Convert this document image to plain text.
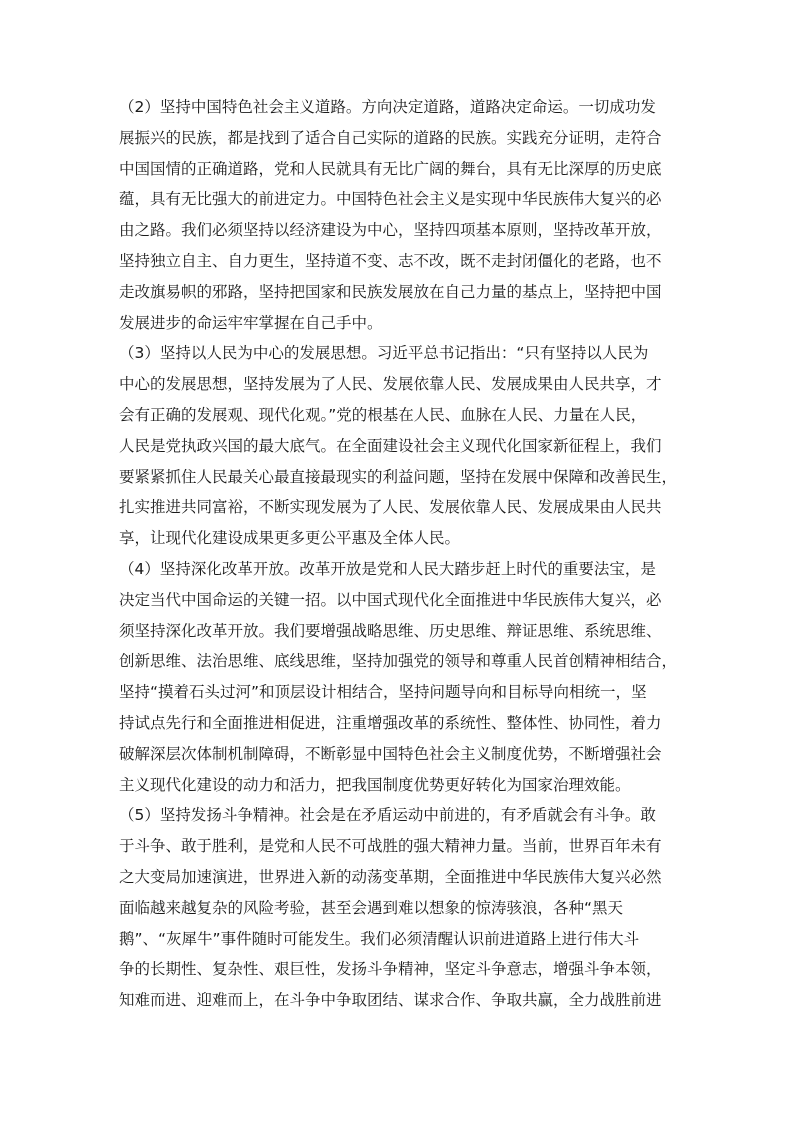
（2）坚持中国特色社会主义道路。方向决定道路，道路决定命运。一切成功发
展振兴的民族，都是找到了适合自己实际的道路的民族。实践充分证明，走符合
中国国情的正确道路，党和人民就具有无比广阔的舞台，具有无比深厚的历史底
蕴，具有无比强大的前进定力。中国特色社会主义是实现中华民族伟大复兴的必
由之路。我们必须坚持以经济建设为中心，坚持四项基本原则，坚持改革开放，
坚持独立自主、自力更生，坚持道不变、志不改，既不走封闭僵化的老路，也不
走改旗易帜的邪路，坚持把国家和民族发展放在自己力量的基点上，坚持把中国
发展进步的命运牢牢掌握在自己手中。
（3）坚持以人民为中心的发展思想。习近平总书记指出：“只有坚持以人民为
中心的发展思想，坚持发展为了人民、发展依靠人民、发展成果由人民共享，才
会有正确的发展观、现代化观。”党的根基在人民、血脉在人民、力量在人民，
人民是党执政兴国的最大底气。在全面建设社会主义现代化国家新征程上，我们
要紧紧抓住人民最关心最直接最现实的利益问题，坚持在发展中保障和改善民生，
扎实推进共同富裕，不断实现发展为了人民、发展依靠人民、发展成果由人民共
享，让现代化建设成果更多更公平惠及全体人民。
（4）坚持深化改革开放。改革开放是党和人民大踏步赶上时代的重要法宝，是
决定当代中国命运的关键一招。以中国式现代化全面推进中华民族伟大复兴，必
须坚持深化改革开放。我们要增强战略思维、历史思维、辩证思维、系统思维、
创新思维、法治思维、底线思维，坚持加强党的领导和尊重人民首创精神相结合，
坚持“摸着石头过河”和顶层设计相结合，坚持问题导向和目标导向相统一，坚
持试点先行和全面推进相促进，注重增强改革的系统性、整体性、协同性，着力
破解深层次体制机制障碍，不断彰显中国特色社会主义制度优势，不断增强社会
主义现代化建设的动力和活力，把我国制度优势更好转化为国家治理效能。
（5）坚持发扬斗争精神。社会是在矛盾运动中前进的，有矛盾就会有斗争。敢
于斗争、敢于胜利，是党和人民不可战胜的强大精神力量。当前，世界百年未有
之大变局加速演进，世界进入新的动荡变革期，全面推进中华民族伟大复兴必然
面临越来越复杂的风险考验，甚至会遇到难以想象的惊涛骇浪，各种“黑天
鹅”、“灰犀牛”事件随时可能发生。我们必须清醒认识前进道路上进行伟大斗
争的长期性、复杂性、艰巨性，发扬斗争精神，坚定斗争意志，增强斗争本领，
知难而进、迎难而上，在斗争中争取团结、谋求合作、争取共赢，全力战胜前进
